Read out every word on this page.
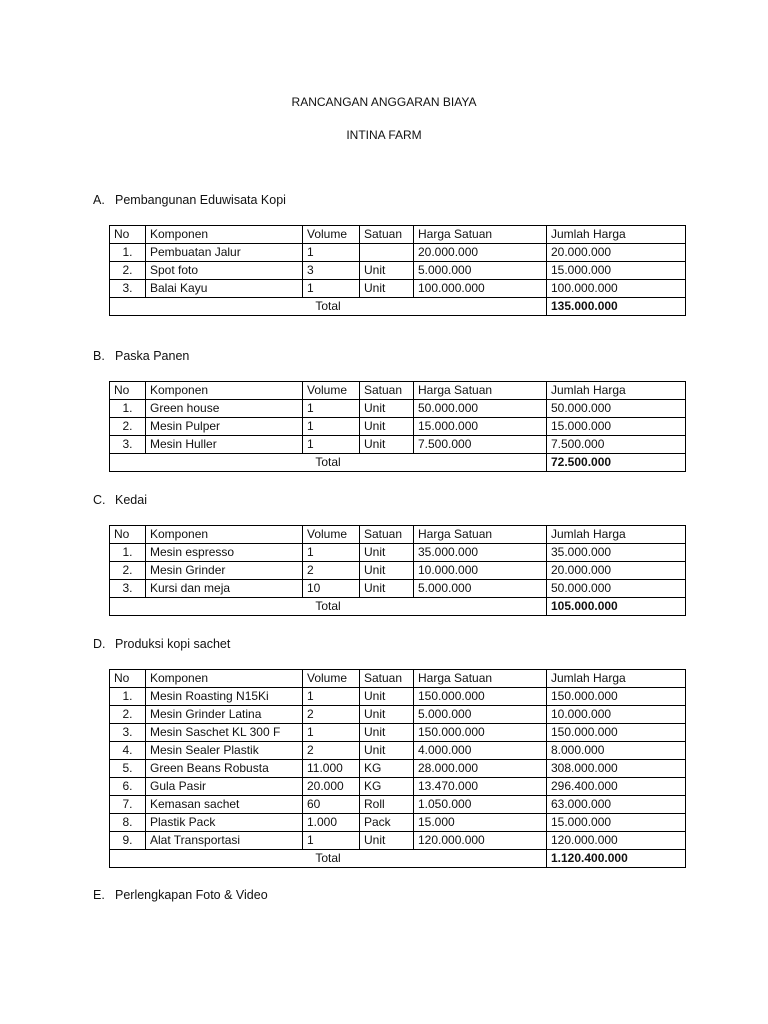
RANCANGAN ANGGARAN BIAYA
INTINA FARM
A. Pembangunan Eduwisata Kopi
No	Komponen	Volume	Satuan	Harga Satuan	Jumlah Harga
1.	Pembuatan Jalur	1		20.000.000	20.000.000
2.	Spot foto	3	Unit	5.000.000	15.000.000
3.	Balai Kayu	1	Unit	100.000.000	100.000.000
Total					135.000.000
B. Paska Panen
No	Komponen	Volume	Satuan	Harga Satuan	Jumlah Harga
1.	Green house	1	Unit	50.000.000	50.000.000
2.	Mesin Pulper	1	Unit	15.000.000	15.000.000
3.	Mesin Huller	1	Unit	7.500.000	7.500.000
Total					72.500.000
C. Kedai
No	Komponen	Volume	Satuan	Harga Satuan	Jumlah Harga
1.	Mesin espresso	1	Unit	35.000.000	35.000.000
2.	Mesin Grinder	2	Unit	10.000.000	20.000.000
3.	Kursi dan meja	10	Unit	5.000.000	50.000.000
Total					105.000.000
D. Produksi kopi sachet
No	Komponen	Volume	Satuan	Harga Satuan	Jumlah Harga
1.	Mesin Roasting N15Ki	1	Unit	150.000.000	150.000.000
2.	Mesin Grinder Latina	2	Unit	5.000.000	10.000.000
3.	Mesin Saschet KL 300 F	1	Unit	150.000.000	150.000.000
4.	Mesin Sealer Plastik	2	Unit	4.000.000	8.000.000
5.	Green Beans Robusta	11.000	KG	28.000.000	308.000.000
6.	Gula Pasir	20.000	KG	13.470.000	296.400.000
7.	Kemasan sachet	60	Roll	1.050.000	63.000.000
8.	Plastik Pack	1.000	Pack	15.000	15.000.000
9.	Alat Transportasi	1	Unit	120.000.000	120.000.000
Total					1.120.400.000
E. Perlengkapan Foto & Video
